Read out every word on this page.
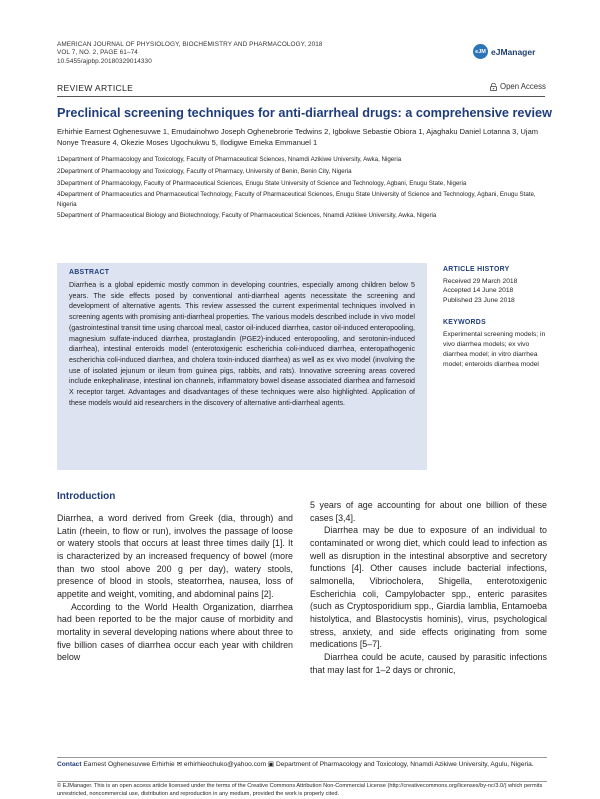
AMERICAN JOURNAL OF PHYSIOLOGY, BIOCHEMISTRY AND PHARMACOLOGY, 2018
VOL 7, NO. 2, PAGE 61–74
10.5455/ajpbp.20180329014330
eJM eJManager
REVIEW ARTICLE	Open Access
Preclinical screening techniques for anti-diarrheal drugs: a comprehensive review
Erhirhie Earnest Oghenesuvwe 1, Emudainohwo Joseph Oghenebrorie Tedwins 2, Igbokwe Sebastie Obiora 1, Ajaghaku Daniel Lotanna 3, Ujam Nonye Treasure 4, Okezie Moses Ugochukwu 5, Ilodigwe Emeka Emmanuel 1
1Department of Pharmacology and Toxicology, Faculty of Pharmaceutical Sciences, Nnamdi Azikiwe University, Awka, Nigeria
2Department of Pharmacology and Toxicology, Faculty of Pharmacy, University of Benin, Benin City, Nigeria
3Department of Pharmacology, Faculty of Pharmaceutical Sciences, Enugu State University of Science and Technology, Agbani, Enugu State, Nigeria
4Department of Pharmaceutics and Pharmaceutical Technology, Faculty of Pharmaceutical Sciences, Enugu State University of Science and Technology, Agbani, Enugu State, Nigeria
5Department of Pharmaceutical Biology and Biotechnology, Faculty of Pharmaceutical Sciences, Nnamdi Azikiwe University, Awka, Nigeria
ABSTRACT
Diarrhea is a global epidemic mostly common in developing countries, especially among children below 5 years. The side effects posed by conventional anti-diarrheal agents necessitate the screening and development of alternative agents. This review assessed the current experimental techniques involved in screening agents with promising anti-diarrheal properties. The various models described include in vivo model (gastrointestinal transit time using charcoal meal, castor oil-induced diarrhea, castor oil-induced enteropooling, magnesium sulfate-induced diarrhea, prostaglandin (PGE2)-induced enteropooling, and serotonin-induced diarrhea), intestinal enteroids model (enterotoxigenic escherichia coli-induced diarrhea, enteropathogenic escherichia coli-induced diarrhea, and cholera toxin-induced diarrhea) as well as ex vivo model (involving the use of isolated jejunum or ileum from guinea pigs, rabbits, and rats). Innovative screening areas covered include enkephalinase, intestinal ion channels, inflammatory bowel disease associated diarrhea and farnesoid X receptor target. Advantages and disadvantages of these techniques were also highlighted. Application of these models would aid researchers in the discovery of alternative anti-diarrheal agents.
ARTICLE HISTORY
Received 29 March 2018
Accepted 14 June 2018
Published 23 June 2018
KEYWORDS
Experimental screening models; in vivo diarrhea models; ex vivo diarrhea model; in vitro diarrhea model; enteroids diarrhea model
Introduction

Diarrhea, a word derived from Greek (dia, through) and Latin (rheein, to flow or run), involves the passage of loose or watery stools that occurs at least three times daily [1]. It is characterized by an increased frequency of bowel (more than two stool above 200 g per day), watery stools, presence of blood in stools, steatorrhea, nausea, loss of appetite and weight, vomiting, and abdominal pains [2].

According to the World Health Organization, diarrhea had been reported to be the major cause of morbidity and mortality in several developing nations where about three to five billion cases of diarrhea occur each year with children below

5 years of age accounting for about one billion of these cases [3,4].

Diarrhea may be due to exposure of an individual to contaminated or wrong diet, which could lead to infection as well as disruption in the intestinal absorptive and secretory functions [4]. Other causes include bacterial infections, salmonella, Vibriocholera, Shigella, enterotoxigenic Escherichia coli, Campylobacter spp., enteric parasites (such as Cryptosporidium spp., Giardia lamblia, Entamoeba histolytica, and Blastocystis hominis), virus, psychological stress, anxiety, and side effects originating from some medications [5–7].

Diarrhea could be acute, caused by parasitic infections that may last for 1–2 days or chronic,

Contact Earnest Oghenesuvwe Erhirhie ✉ erhirhieochuko@yahoo.com ▣ Department of Pharmacology and Toxicology, Nnamdi Azikiwe University, Agulu, Nigeria.
© EJManager. This is an open access article licensed under the terms of the Creative Commons Attribution Non-Commercial License (http://creativecommons.org/licenses/by-nc/3.0/) which permits unrestricted, noncommercial use, distribution and reproduction in any medium, provided the work is properly cited.
